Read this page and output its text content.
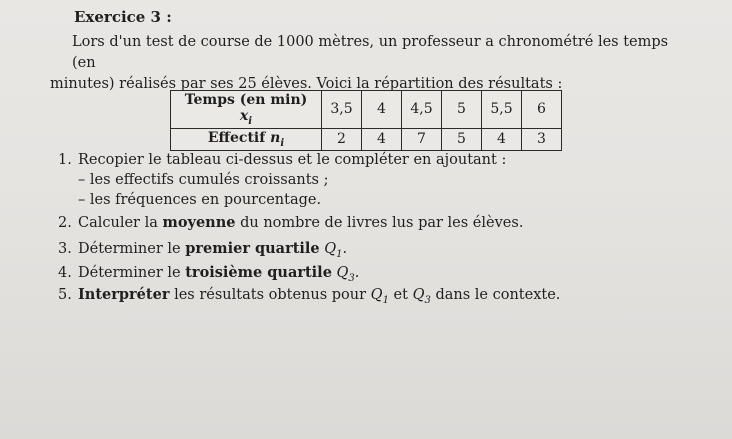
Exercice 3 :
Lors d'un test de course de 1000 mètres, un professeur a chronométré les temps (en
minutes) réalisés par ses 25 élèves. Voici la répartition des résultats :
Temps (en min) $x_i$	3,5	4	4,5	5	5,5	6
Effectif $n_i$	2	4	7	5	4	3
1. Recopier le tableau ci-dessus et le compléter en ajoutant :
– les effectifs cumulés croissants ;
– les fréquences en pourcentage.
2. Calculer la moyenne du nombre de livres lus par les élèves.
3. Déterminer le premier quartile $Q_1$.
4. Déterminer le troisième quartile $Q_3$.
5. Interpréter les résultats obtenus pour $Q_1$ et $Q_3$ dans le contexte.
